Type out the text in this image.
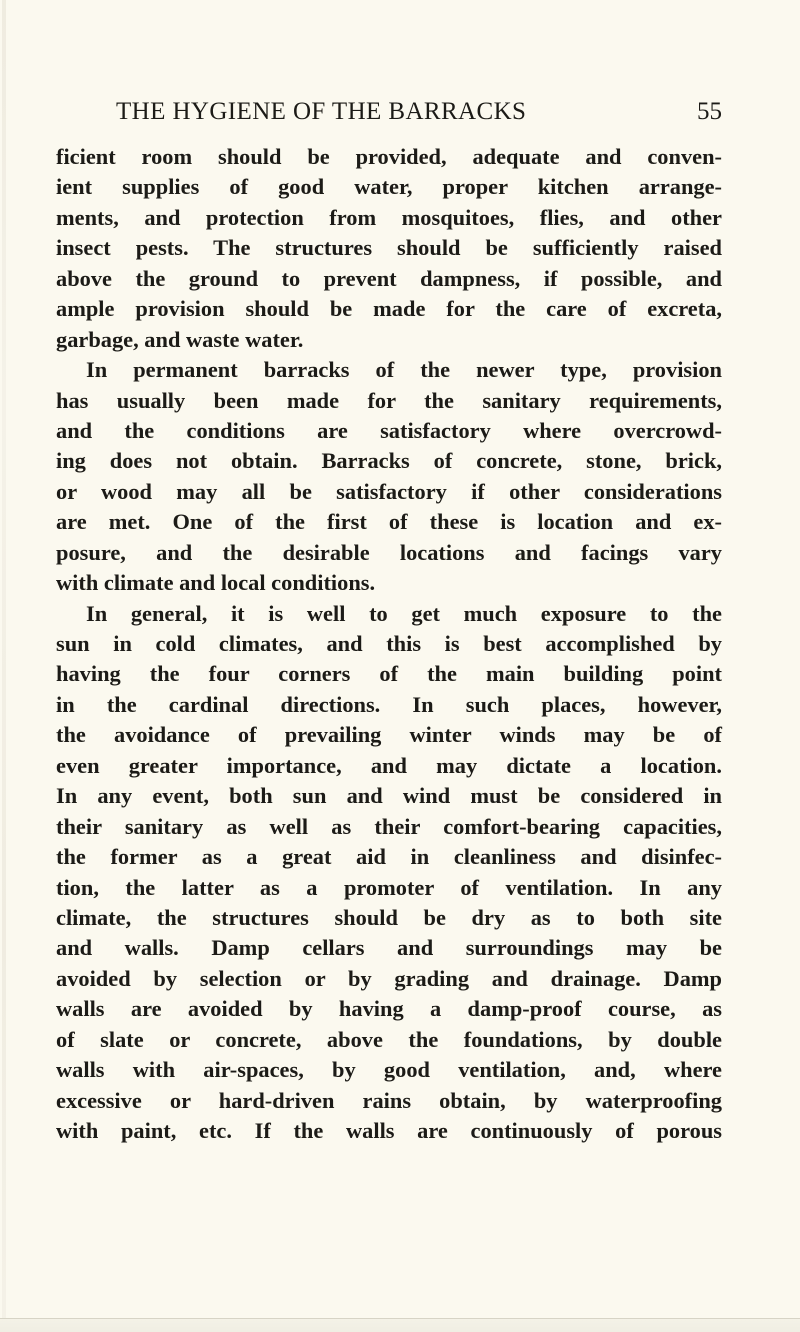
THE HYGIENE OF THE BARRACKS	55
ficient room should be provided, adequate and conven-
ient supplies of good water, proper kitchen arrange-
ments, and protection from mosquitoes, flies, and other
insect pests. The structures should be sufficiently raised
above the ground to prevent dampness, if possible, and
ample provision should be made for the care of excreta,
garbage, and waste water.
In permanent barracks of the newer type, provision
has usually been made for the sanitary requirements,
and the conditions are satisfactory where overcrowd-
ing does not obtain. Barracks of concrete, stone, brick,
or wood may all be satisfactory if other considerations
are met. One of the first of these is location and ex-
posure, and the desirable locations and facings vary
with climate and local conditions.
In general, it is well to get much exposure to the
sun in cold climates, and this is best accomplished by
having the four corners of the main building point
in the cardinal directions. In such places, however,
the avoidance of prevailing winter winds may be of
even greater importance, and may dictate a location.
In any event, both sun and wind must be considered in
their sanitary as well as their comfort-bearing capacities,
the former as a great aid in cleanliness and disinfec-
tion, the latter as a promoter of ventilation. In any
climate, the structures should be dry as to both site
and walls. Damp cellars and surroundings may be
avoided by selection or by grading and drainage. Damp
walls are avoided by having a damp-proof course, as
of slate or concrete, above the foundations, by double
walls with air-spaces, by good ventilation, and, where
excessive or hard-driven rains obtain, by waterproofing
with paint, etc. If the walls are continuously of porous
